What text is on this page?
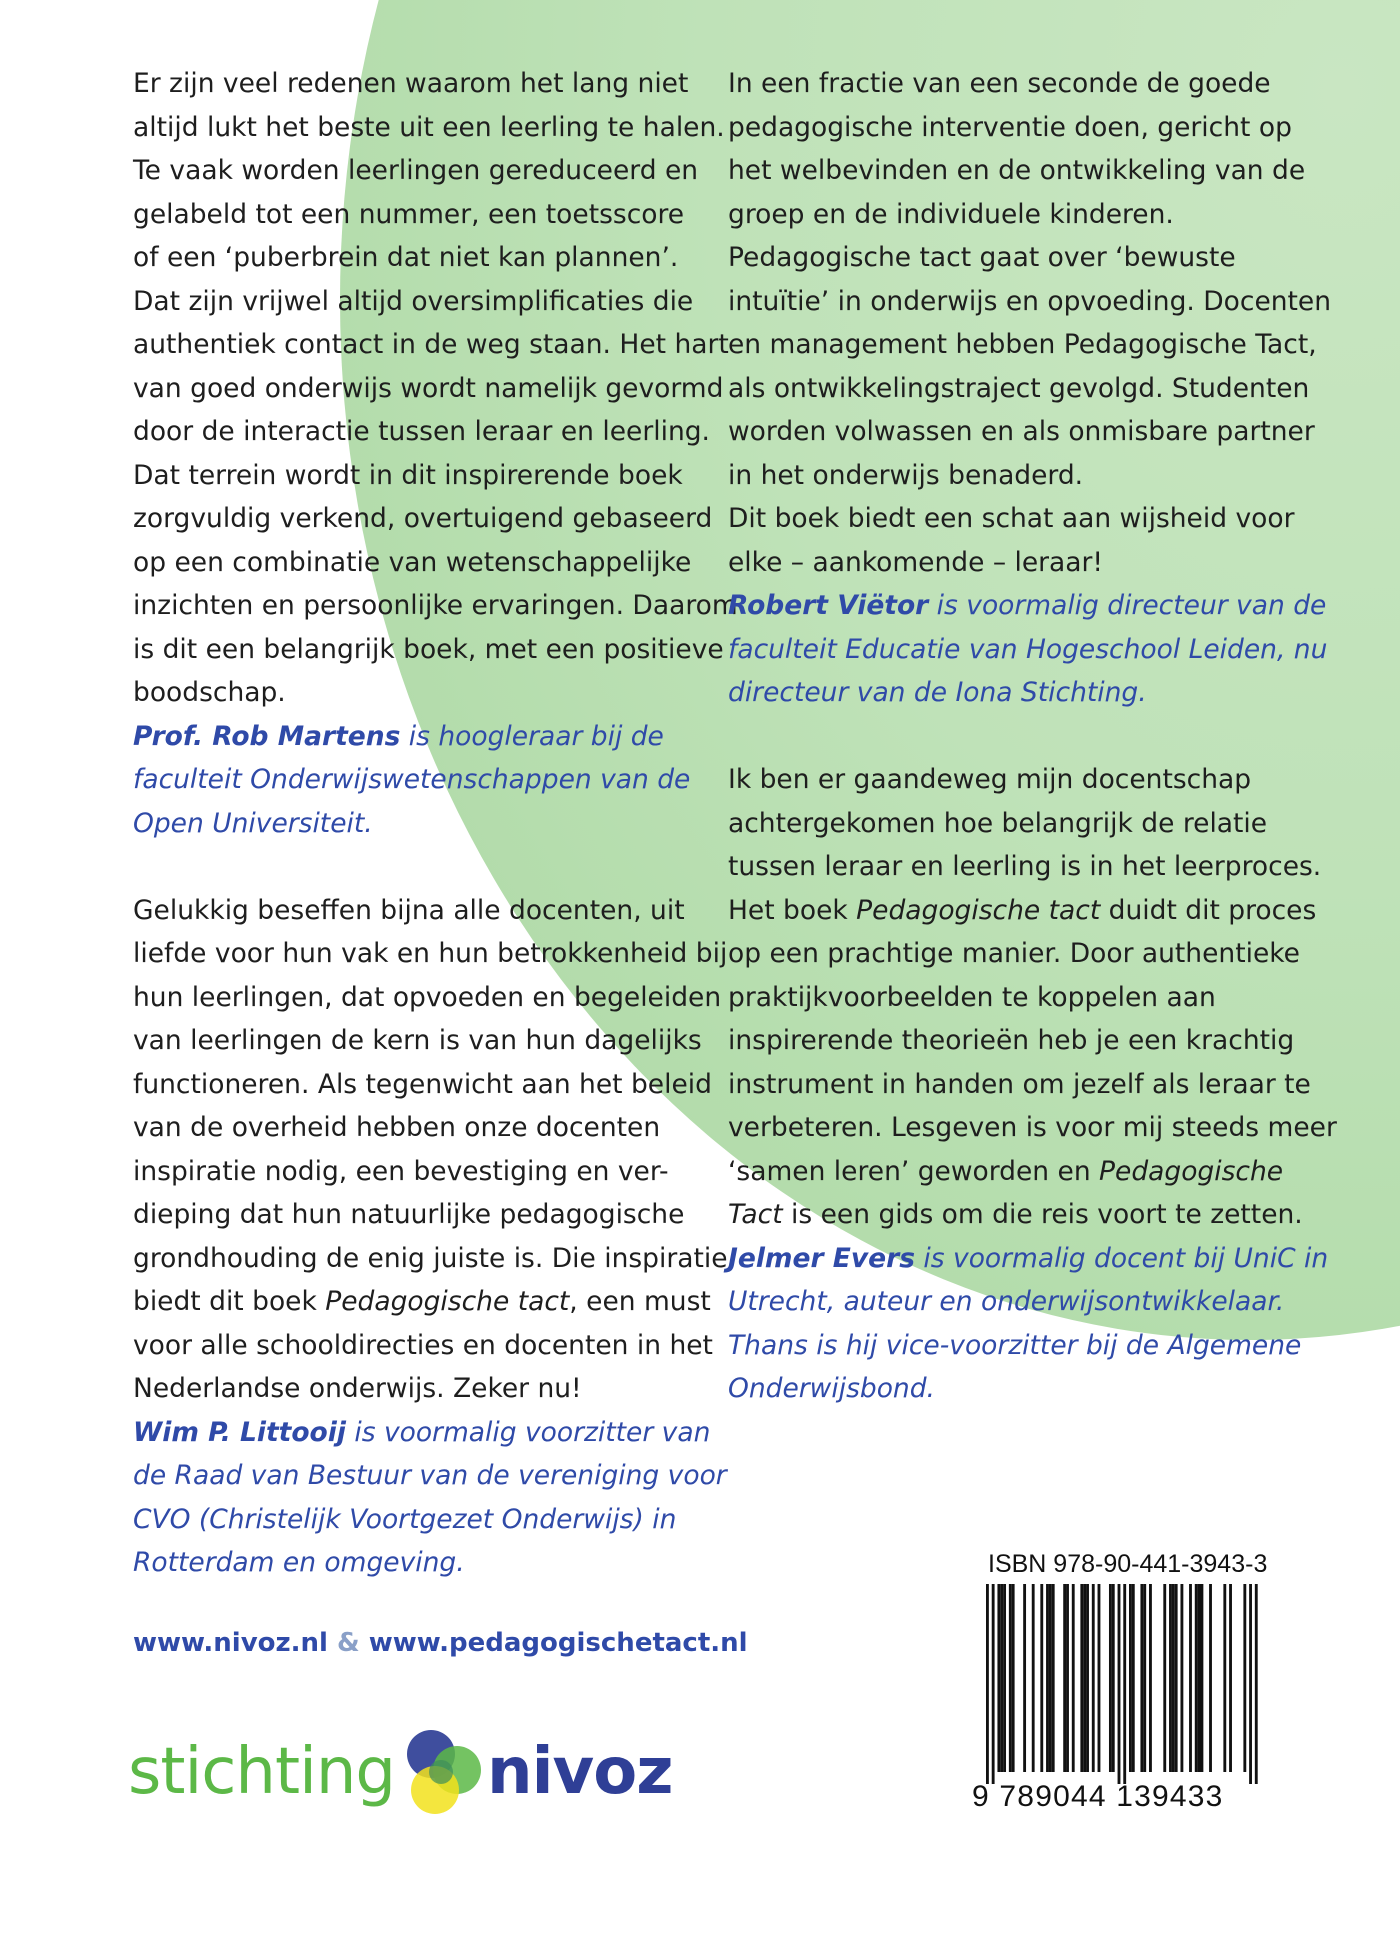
Er zijn veel redenen waarom het lang niet

altijd lukt het beste uit een leerling te halen.

Te vaak worden leerlingen gereduceerd en

gelabeld tot een nummer, een toetsscore

of een ‘puberbrein dat niet kan plannen’.

Dat zijn vrijwel altijd oversimplificaties die

authentiek contact in de weg staan. Het hart

van goed onderwijs wordt namelijk gevormd

door de interactie tussen leraar en leerling.

Dat terrein wordt in dit inspirerende boek

zorgvuldig verkend, overtuigend gebaseerd

op een combinatie van wetenschappelijke

inzichten en persoonlijke ervaringen. Daarom

is dit een belangrijk boek, met een positieve

boodschap.

Prof. Rob Martens is hoogleraar bij de

faculteit Onderwijswetenschappen van de

Open Universiteit.

Gelukkig beseffen bijna alle docenten, uit

liefde voor hun vak en hun betrokkenheid bij

hun leerlingen, dat opvoeden en begeleiden

van leerlingen de kern is van hun dagelijks

functioneren. Als tegenwicht aan het beleid

van de overheid hebben onze docenten

inspiratie nodig, een bevestiging en ver-

dieping dat hun natuurlijke pedagogische

grondhouding de enig juiste is. Die inspiratie

biedt dit boek Pedagogische tact, een must

voor alle schooldirecties en docenten in het

Nederlandse onderwijs. Zeker nu!

Wim P. Littooij is voormalig voorzitter van

de Raad van Bestuur van de vereniging voor

CVO (Christelijk Voortgezet Onderwijs) in

Rotterdam en omgeving.

In een fractie van een seconde de goede

pedagogische interventie doen, gericht op

het welbevinden en de ontwikkeling van de

groep en de individuele kinderen.

Pedagogische tact gaat over ‘bewuste

intuïtie’ in onderwijs en opvoeding. Docenten

en management hebben Pedagogische Tact,

als ontwikkelingstraject gevolgd. Studenten

worden volwassen en als onmisbare partner

in het onderwijs benaderd.

Dit boek biedt een schat aan wijsheid voor

elke – aankomende – leraar!

Robert Viëtor is voormalig directeur van de

faculteit Educatie van Hogeschool Leiden, nu

directeur van de Iona Stichting.

Ik ben er gaandeweg mijn docentschap

achtergekomen hoe belangrijk de relatie

tussen leraar en leerling is in het leerproces.

Het boek Pedagogische tact duidt dit proces

op een prachtige manier. Door authentieke

praktijkvoorbeelden te koppelen aan

inspirerende theorieën heb je een krachtig

instrument in handen om jezelf als leraar te

verbeteren. Lesgeven is voor mij steeds meer

‘samen leren’ geworden en Pedagogische

Tact is een gids om die reis voort te zetten.

Jelmer Evers is voormalig docent bij UniC in

Utrecht, auteur en onderwijsontwikkelaar.

Thans is hij vice-voorzitter bij de Algemene

Onderwijsbond.

www.nivoz.nl & www.pedagogischetact.nl
stichting nivoz
ISBN 978-90-441-3943-3
9 789044 139433
